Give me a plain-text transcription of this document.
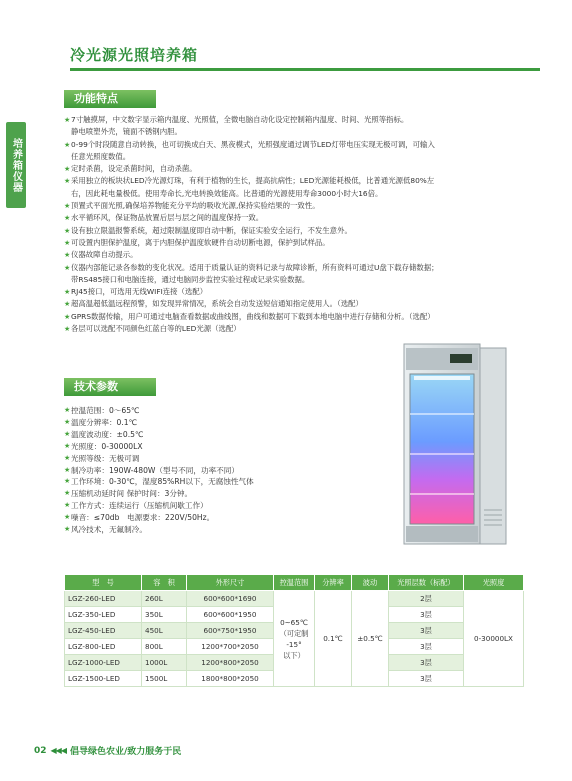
冷光源光照培养箱
培养箱仪器
功能特点
★ 7寸触摸屏，中文数字显示箱内温度、光照值，全微电脑自动化设定控制箱内温度、时间、光照等指标。
静电喷塑外壳，镜面不锈钢内胆。
★ 0-99个时段随意自动转换，也可切换成白天、黑夜模式，光照强度通过调节LED灯带电压实现无极可调，可输入
任意光照度数值。
★ 定时杀菌，设定杀菌时间，自动杀菌。
★ 采用独立的板块状LED冷光源灯珠，有利于植物的生长，提高抗病性；LED光源能耗极低，比普通光源低80%左
右，因此耗电量极低。使用寿命长,光电转换效能高。比普通的光源使用寿命3000小时大16倍。
★ 顶置式平面光照,确保培养物能充分平均的吸收光源,保持实验结果的一致性。
★ 水平循环风，保证物品放置后层与层之间的温度保持一致。
★ 设有独立限温报警系统，超过限制温度即自动中断，保证实验安全运行，不发生意外。
★ 可设置内胆保护温度，离于内胆保护温度软硬件自动切断电源，保护到试样品。
★ 仪器故障自动提示。
★ 仪器内部能记录各参数的变化状况。适用于质量认证的资料记录与故障诊断，所有资料可通过U盘下载存储数据；
带RS485接口和电脑连接，通过电脑同步监控实验过程或记录实验数据。
★ RJ45接口，可选用无线WIFI连接（选配）
★ 超高温超低温远程预警，如发现异常情况，系统会自动发送短信通知指定使用人。（选配）
★ GPRS数据传输，用户可通过电脑查看数据或曲线图，曲线和数据可下载到本地电脑中进行存储和分析。（选配）
★ 各层可以选配不同颜色红蓝白等的LED光源（选配）
技术参数
★ 控温范围：0～65℃
★ 温度分辨率：0.1℃
★ 温度波动度：±0.5℃
★ 光照度：0-30000LX
★ 光照等级：无极可调
★ 制冷功率：190W-480W（型号不同，功率不同）
★ 工作环境：0-30℃，湿度85%RH以下，无腐蚀性气体
★ 压缩机动延时间 保护时间：3分钟。
★ 工作方式：连续运行（压缩机间歇工作）
★ 噪音：≤70db　电源要求：220V/50Hz。
★ 风冷技术，无氟制冷。
型　号	容　积	外形尺寸	控温范围	分辨率	波动	光照层数（标配）	光照度
LGZ-260-LED	260L	600*600*1690	0~65℃
（可定制
-15°
以下）	0.1℃	±0.5℃	2层	0-30000LX
LGZ-350-LED	350L	600*600*1950				3层	
LGZ-450-LED	450L	600*750*1950				3层	
LGZ-800-LED	800L	1200*700*2050				3层	
LGZ-1000-LED	1000L	1200*800*2050				3层	
LGZ-1500-LED	1500L	1800*800*2050				3层	
02 ◀◀◀ 倡导绿色农业/致力服务于民
